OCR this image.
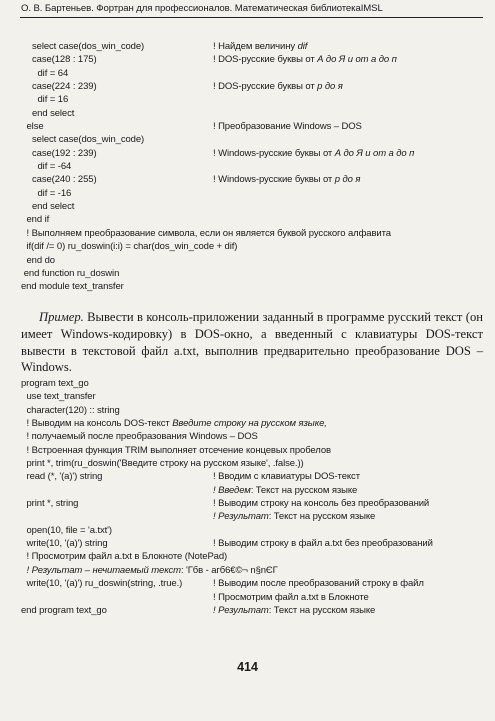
О. В. Бартеньев. Фортран для профессионалов. Математическая библиотекаIMSL
select case(dos_win_code)	! Найдем величину dif
case(128 : 175)	! DOS-русские буквы от А до Я и от а до п
dif = 64
case(224 : 239)	! DOS-русские буквы от р до я
dif = 16
end select
else	! Преобразование Windows – DOS
select case(dos_win_code)
case(192 : 239)	! Windows-русские буквы от А до Я и от а до п
dif = -64
case(240 : 255)	! Windows-русские буквы от р до я
dif = -16
end select
end if
! Выполняем преобразование символа, если он является буквой русского алфавита
if(dif /= 0) ru_doswin(i:i) = char(dos_win_code + dif)
end do
end function ru_doswin
end module text_transfer
Пример. Вывести в консоль-приложении заданный в программе русский текст (он имеет Windows-кодировку) в DOS-окно, а введенный с клавиатуры DOS-текст вывести в текстовой файл a.txt, выполнив предварительно преобразование DOS – Windows.
program text_go
use text_transfer
character(120) :: string
! Выводим на консоль DOS-текст Введите строку на русском языке,
! получаемый после преобразования Windows – DOS
! Встроенная функция TRIM выполняет отсечение концевых пробелов
print *, trim(ru_doswin('Введите строку на русском языке', .false.))
read (*, '(a)') string	! Вводим с клавиатуры DOS-текст
! Введем: Текст на русском языке
print *, string	! Выводим строку на консоль без преобразований
! Результат: Текст на русском языке
open(10, file = 'a.txt')
write(10, '(a)') string	! Выводим строку в файл a.txt без преобразований
! Просмотрим файл a.txt в Блокноте (NotePad)
! Результат – нечитаемый текст: 'Гбв - агб6€©¬ n§nЄГ
write(10, '(a)') ru_doswin(string, .true.)	! Выводим после преобразований строку в файл
! Просмотрим файл a.txt в Блокноте
end program text_go	! Результат: Текст на русском языке
414
